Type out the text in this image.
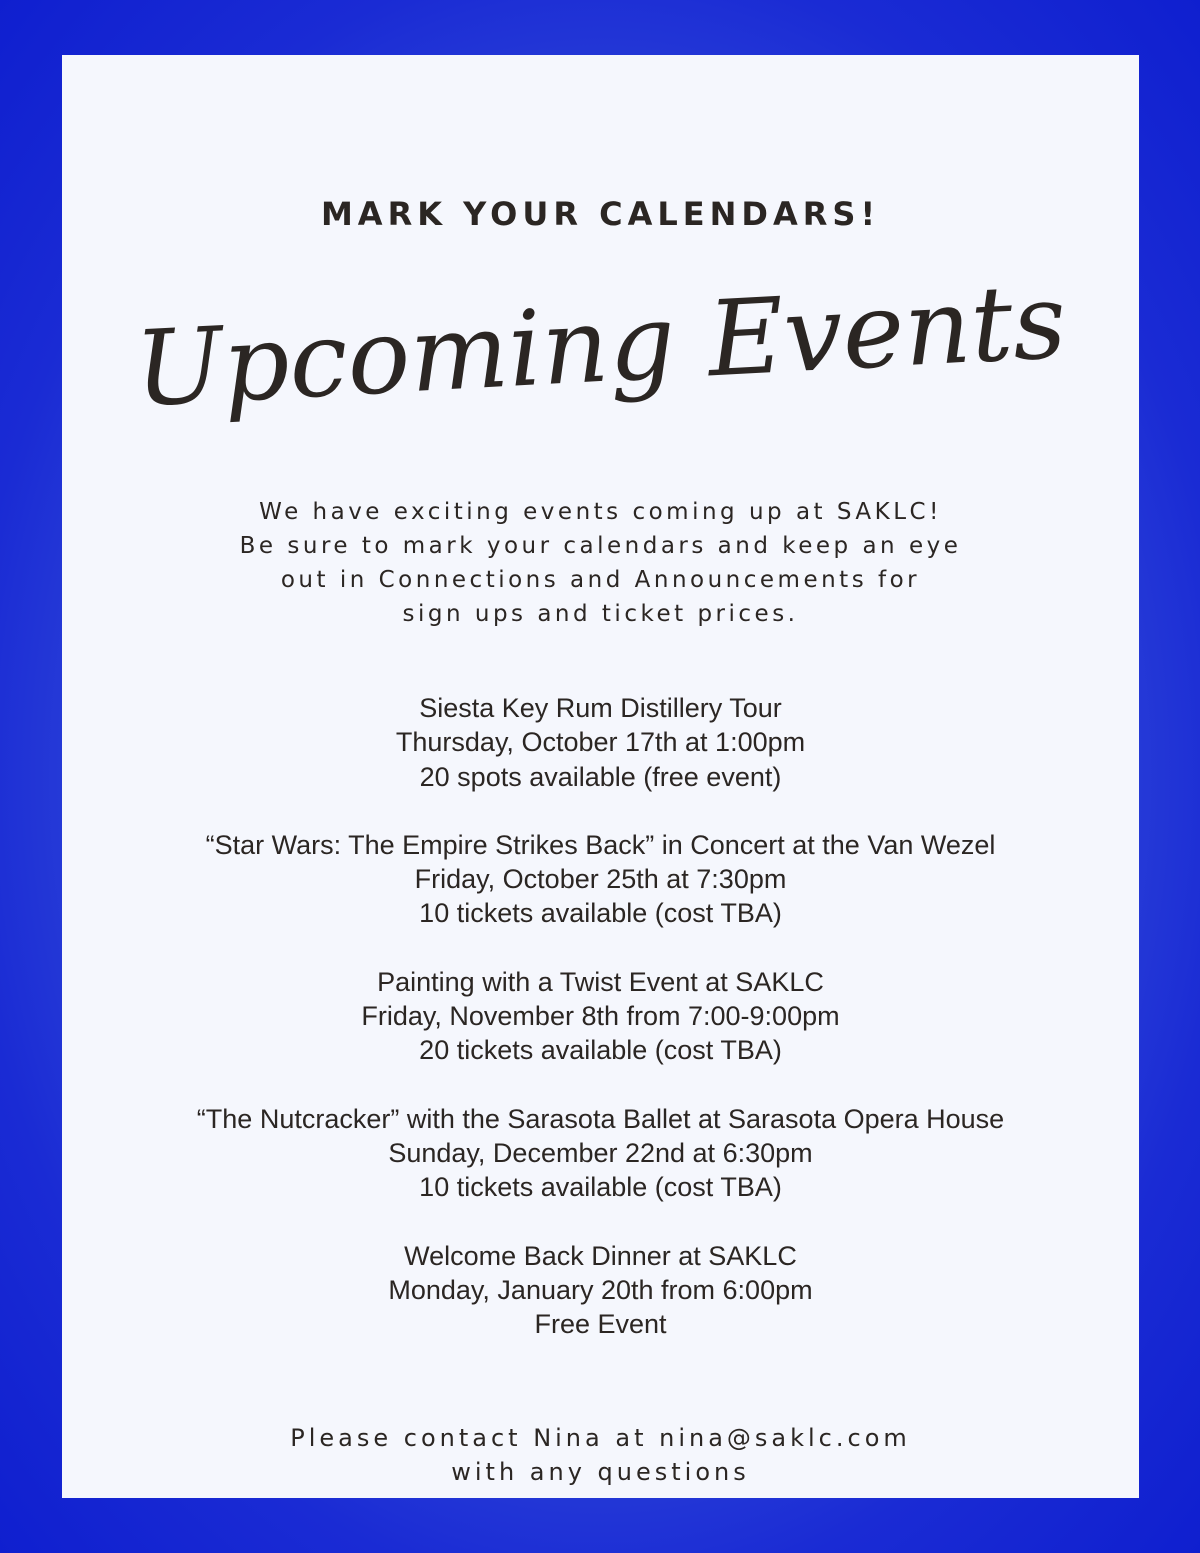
MARK YOUR CALENDARS!
Upcoming Events
We have exciting events coming up at SAKLC!
Be sure to mark your calendars and keep an eye
out in Connections and Announcements for
sign ups and ticket prices.
Siesta Key Rum Distillery Tour
Thursday, October 17th at 1:00pm
20 spots available (free event)
“Star Wars: The Empire Strikes Back” in Concert at the Van Wezel
Friday, October 25th at 7:30pm
10 tickets available (cost TBA)
Painting with a Twist Event at SAKLC
Friday, November 8th from 7:00-9:00pm
20 tickets available (cost TBA)
“The Nutcracker” with the Sarasota Ballet at Sarasota Opera House
Sunday, December 22nd at 6:30pm
10 tickets available (cost TBA)
Welcome Back Dinner at SAKLC
Monday, January 20th from 6:00pm
Free Event
Please contact Nina at nina@saklc.com
with any questions
